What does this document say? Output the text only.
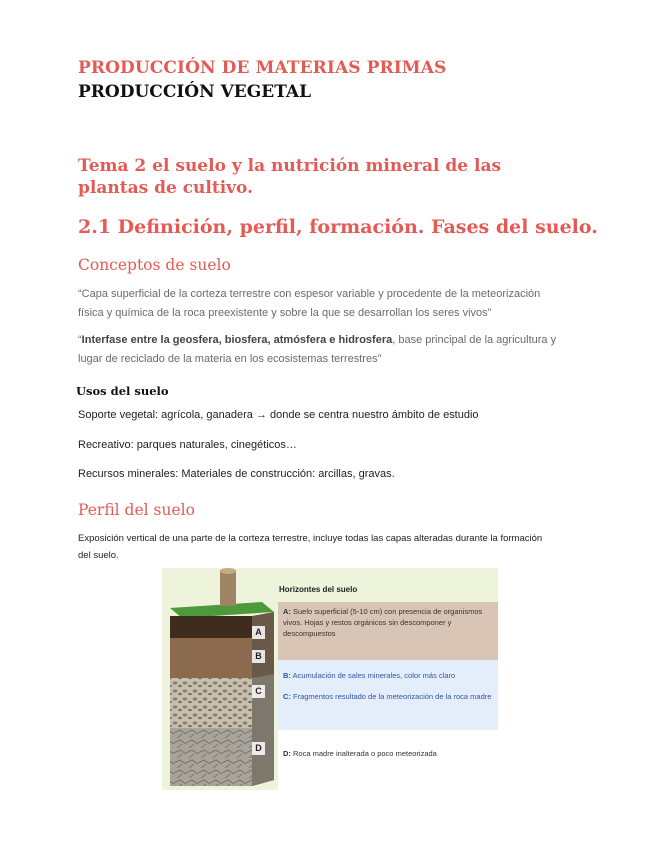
PRODUCCIÓN DE MATERIAS PRIMAS
PRODUCCIÓN VEGETAL
Tema 2 el suelo y la nutrición mineral de las plantas de cultivo.
2.1 Definición, perfil, formación. Fases del suelo.
Conceptos de suelo
“Capa superficial de la corteza terrestre con espesor variable y procedente de la meteorización física y química de la roca preexistente y sobre la que se desarrollan los seres vivos”
“Interfase entre la geosfera, biosfera, atmósfera e hidrosfera, base principal de la agricultura y lugar de reciclado de la materia en los ecosistemas terrestres”
Usos del suelo
Soporte vegetal: agrícola, ganadera → donde se centra nuestro ámbito de estudio
Recreativo: parques naturales, cinegéticos…
Recursos minerales: Materiales de construcción: arcillas, gravas.
Perfil del suelo
Exposición vertical de una parte de la corteza terrestre, incluye todas las capas alteradas durante la formación del suelo.
A
B
C
D
Horizontes del suelo
A: Suelo superficial (5-10 cm) con presencia de organismos vivos. Hojas y restos orgánicos sin descomponer y descompuestos
B: Acumulación de sales minerales, color más claro
C: Fragmentos resultado de la meteorización de la roca madre
D: Roca madre inalterada o poco meteorizada
